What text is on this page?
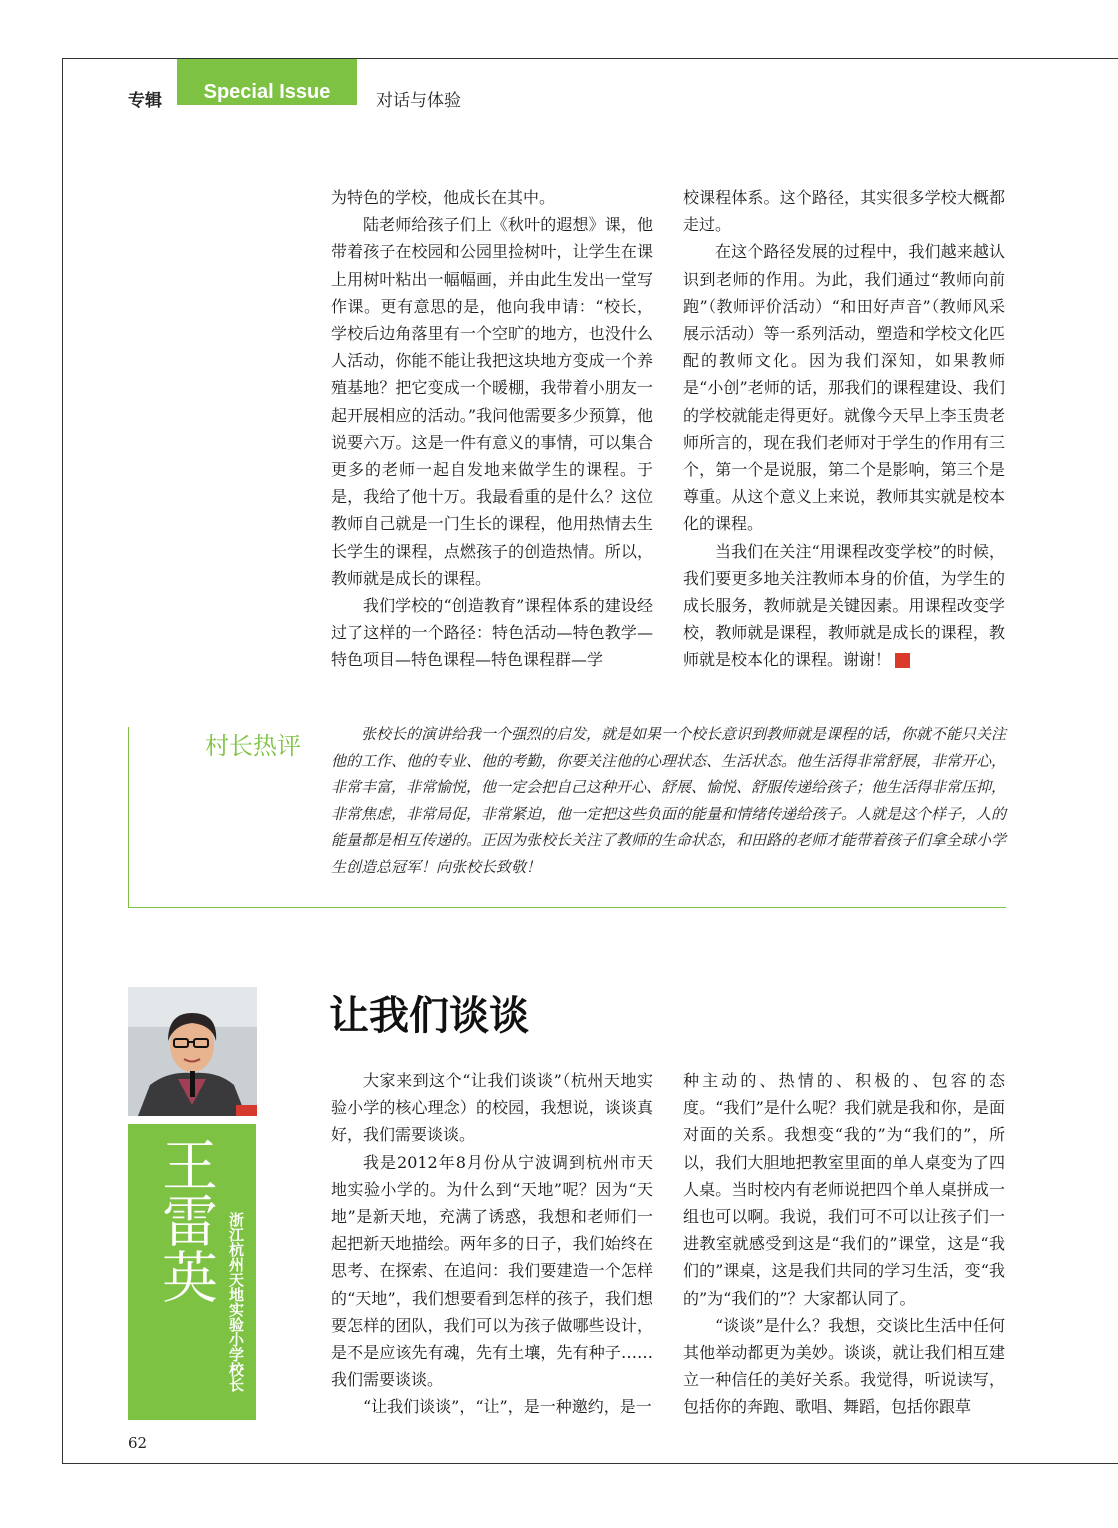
专辑 Special Issue	对话与体验

为特色的学校，他成长在其中。

陆老师给孩子们上《秋叶的遐想》课，他带着孩子在校园和公园里捡树叶，让学生在课上用树叶粘出一幅幅画，并由此生发出一堂写作课。更有意思的是，他向我申请：“校长，学校后边角落里有一个空旷的地方，也没什么人活动，你能不能让我把这块地方变成一个养殖基地？把它变成一个暖棚，我带着小朋友一起开展相应的活动。”我问他需要多少预算，他说要六万。这是一件有意义的事情，可以集合更多的老师一起自发地来做学生的课程。于是，我给了他十万。我最看重的是什么？这位教师自己就是一门生长的课程，他用热情去生长学生的课程，点燃孩子的创造热情。所以，教师就是成长的课程。

我们学校的“创造教育”课程体系的建设经过了这样的一个路径：特色活动—特色教学—特色项目—特色课程—特色课程群—学

校课程体系。这个路径，其实很多学校大概都走过。

在这个路径发展的过程中，我们越来越认识到老师的作用。为此，我们通过“教师向前跑”（教师评价活动）“和田好声音”（教师风采展示活动）等一系列活动，塑造和学校文化匹配的教师文化。因为我们深知，如果教师是“小创”老师的话，那我们的课程建设、我们的学校就能走得更好。就像今天早上李玉贵老师所言的，现在我们老师对于学生的作用有三个，第一个是说服，第二个是影响，第三个是尊重。从这个意义上来说，教师其实就是校本化的课程。

当我们在关注“用课程改变学校”的时候，我们要更多地关注教师本身的价值，为学生的成长服务，教师就是关键因素。用课程改变学校，教师就是课程，教师就是成长的课程，教师就是校本化的课程。谢谢！	家

村长热评	张校长的演讲给我一个强烈的启发，就是如果一个校长意识到教师就是课程的话，你就不能只关注他的工作、他的专业、他的考勤，你要关注他的心理状态、生活状态。他生活得非常舒展，非常开心，非常丰富，非常愉悦，他一定会把自己这种开心、舒展、愉悦、舒服传递给孩子；他生活得非常压抑，非常焦虑，非常局促，非常紧迫，他一定把这些负面的能量和情绪传递给孩子。人就是这个样子，人的能量都是相互传递的。正因为张校长关注了教师的生命状态，和田路的老师才能带着孩子们拿全球小学生创造总冠军！向张校长致敬！
王雷英 浙江杭州天地实验小学校长
让我们谈谈

大家来到这个“让我们谈谈”（杭州天地实验小学的核心理念）的校园，我想说，谈谈真好，我们需要谈谈。

我是2012年8月份从宁波调到杭州市天地实验小学的。为什么到“天地”呢？因为“天地”是新天地，充满了诱惑，我想和老师们一起把新天地描绘。两年多的日子，我们始终在思考、在探索、在追问：我们要建造一个怎样的“天地”，我们想要看到怎样的孩子，我们想要怎样的团队，我们可以为孩子做哪些设计，是不是应该先有魂，先有土壤，先有种子……我们需要谈谈。

“让我们谈谈”，“让”，是一种邀约，是一

种主动的、热情的、积极的、包容的态度。“我们”是什么呢？我们就是我和你，是面对面的关系。我想变“我的”为“我们的”，所以，我们大胆地把教室里面的单人桌变为了四人桌。当时校内有老师说把四个单人桌拼成一组也可以啊。我说，我们可不可以让孩子们一进教室就感受到这是“我们的”课堂，这是“我们的”课桌，这是我们共同的学习生活，变“我的”为“我们的”？大家都认同了。

“谈谈”是什么？我想，交谈比生活中任何其他举动都更为美妙。谈谈，就让我们相互建立一种信任的美好关系。我觉得，听说读写，包括你的奔跑、歌唱、舞蹈，包括你跟草

62
